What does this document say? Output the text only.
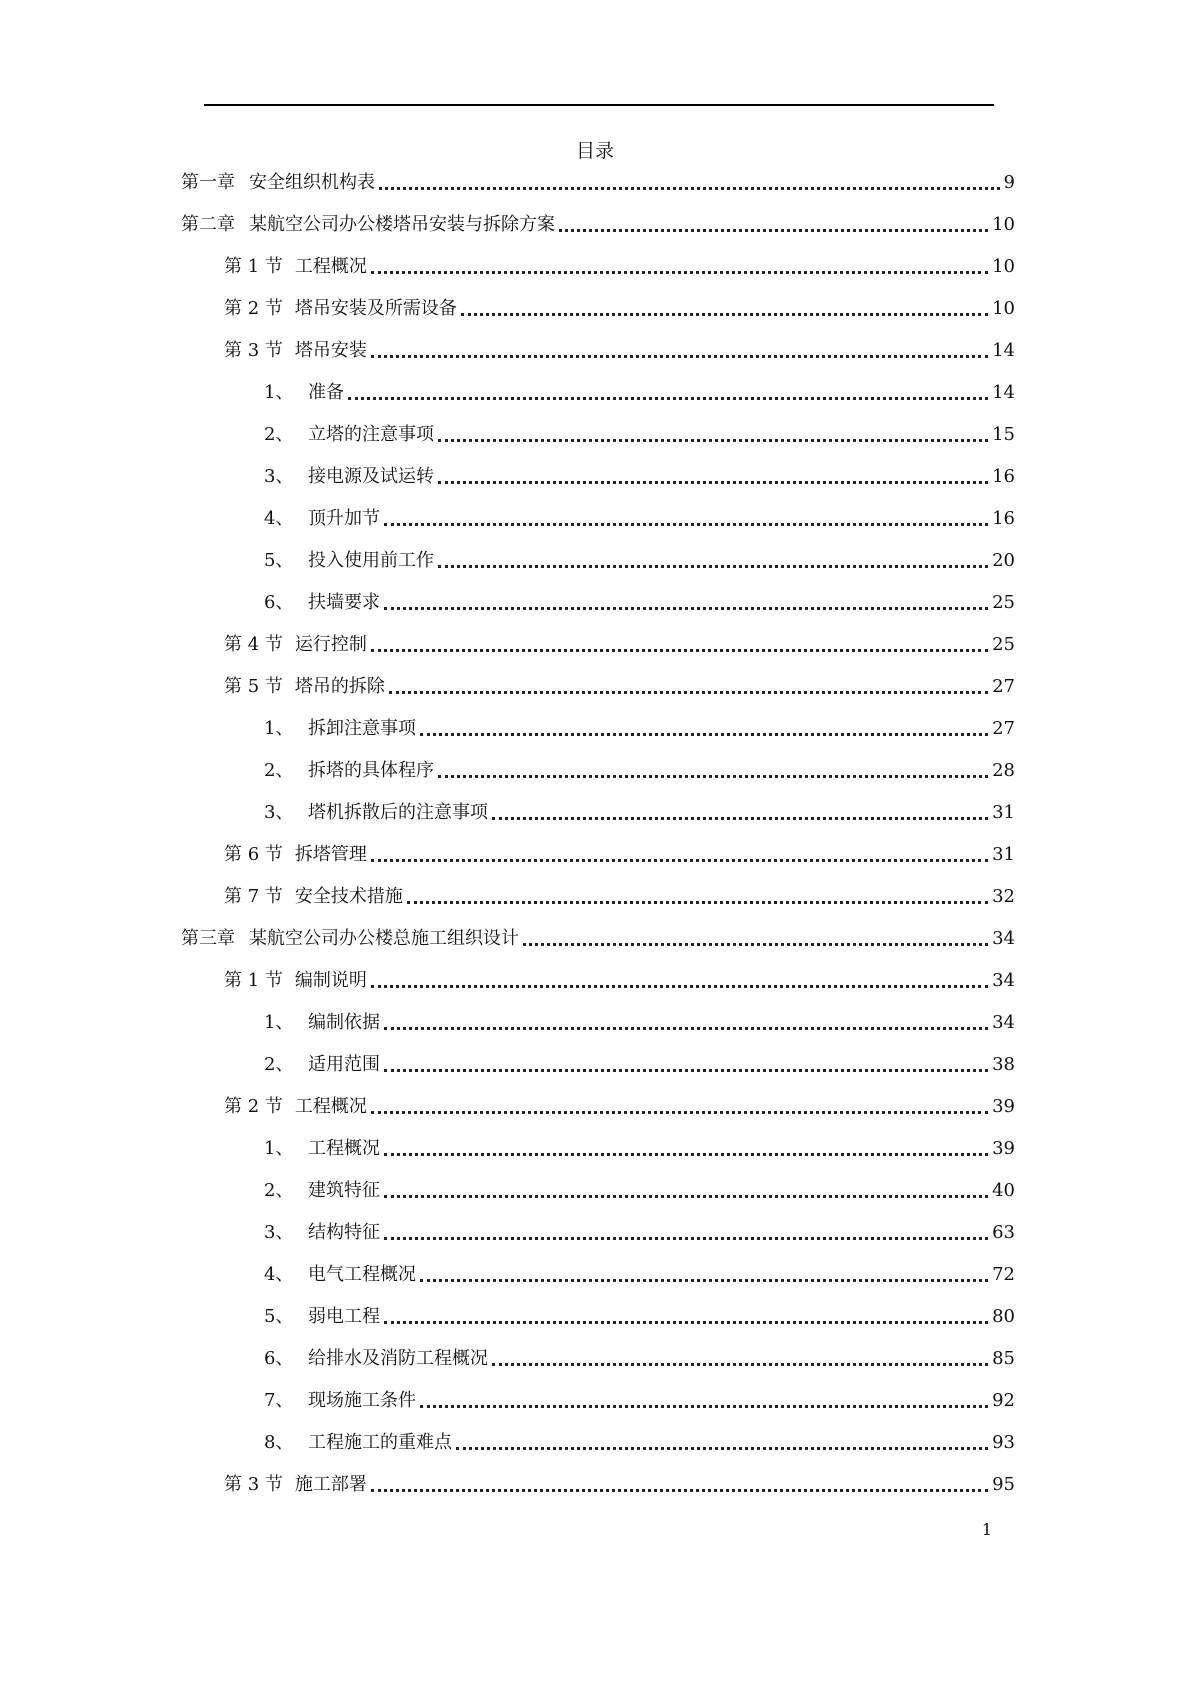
目录
第一章 安全组织机构表	9
第二章 某航空公司办公楼塔吊安装与拆除方案	10
第 1 节 工程概况	10
第 2 节 塔吊安装及所需设备	10
第 3 节 塔吊安装	14
1、 准备	14
2、 立塔的注意事项	15
3、 接电源及试运转	16
4、 顶升加节	16
5、 投入使用前工作	20
6、 扶墙要求	25
第 4 节 运行控制	25
第 5 节 塔吊的拆除	27
1、 拆卸注意事项	27
2、 拆塔的具体程序	28
3、 塔机拆散后的注意事项	31
第 6 节 拆塔管理	31
第 7 节 安全技术措施	32
第三章 某航空公司办公楼总施工组织设计	34
第 1 节 编制说明	34
1、 编制依据	34
2、 适用范围	38
第 2 节 工程概况	39
1、 工程概况	39
2、 建筑特征	40
3、 结构特征	63
4、 电气工程概况	72
5、 弱电工程	80
6、 给排水及消防工程概况	85
7、 现场施工条件	92
8、 工程施工的重难点	93
第 3 节 施工部署	95
1
